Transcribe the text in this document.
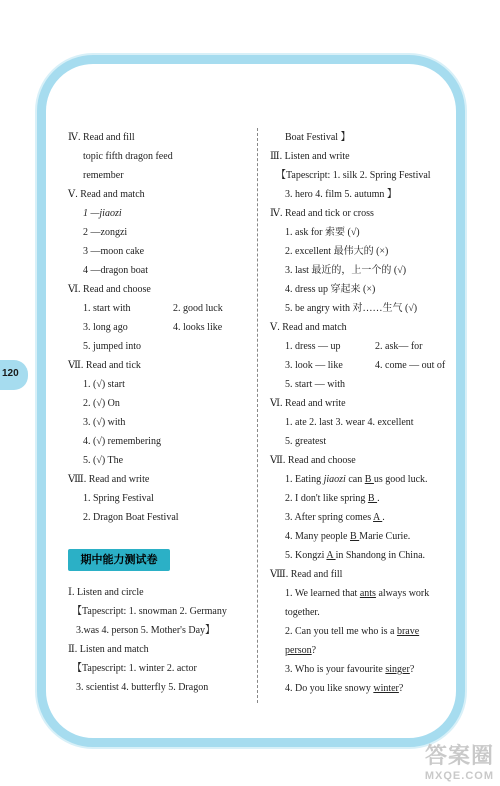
120
Ⅳ. Read and fill
topic fifth dragon feed
remember
Ⅴ. Read and match
1 —jiaozi
2 —zongzi
3 —moon cake
4 —dragon boat
Ⅵ. Read and choose
1. start with	2. good luck
3. long ago	4. looks like
5. jumped into
Ⅶ. Read and tick
1. (√) start
2. (√) On
3. (√) with
4. (√) remembering
5. (√) The
Ⅷ. Read and write
1. Spring Festival
2. Dragon Boat Festival
期中能力测试卷
Ⅰ. Listen and circle
【Tapescript: 1. snowman 2. Germany
3.was 4. person 5. Mother's Day】
Ⅱ. Listen and match
【Tapescript: 1. winter 2. actor
3. scientist 4. butterfly 5. Dragon
Boat Festival 】
Ⅲ. Listen and write
【Tapescript: 1. silk 2. Spring Festival
3. hero 4. film 5. autumn 】
Ⅳ. Read and tick or cross
1. ask for 索要 (√)
2. excellent 最伟大的 (×)
3. last 最近的，上一个的 (√)
4. dress up 穿起来 (×)
5. be angry with 对……生气 (√)
Ⅴ. Read and match
1. dress — up	2. ask— for
3. look — like	4. come — out of
5. start — with
Ⅵ. Read and write
1. ate 2. last 3. wear 4. excellent
5. greatest
Ⅶ. Read and choose
1. Eating jiaozi can B us good luck.
2. I don't like spring B .
3. After spring comes A .
4. Many people B Marie Curie.
5. Kongzi A in Shandong in China.
Ⅷ. Read and fill
1. We learned that ants always work
together.
2. Can you tell me who is a brave
person?
3. Who is your favourite singer?
4. Do you like snowy winter?
答案圈
MXQE.COM
